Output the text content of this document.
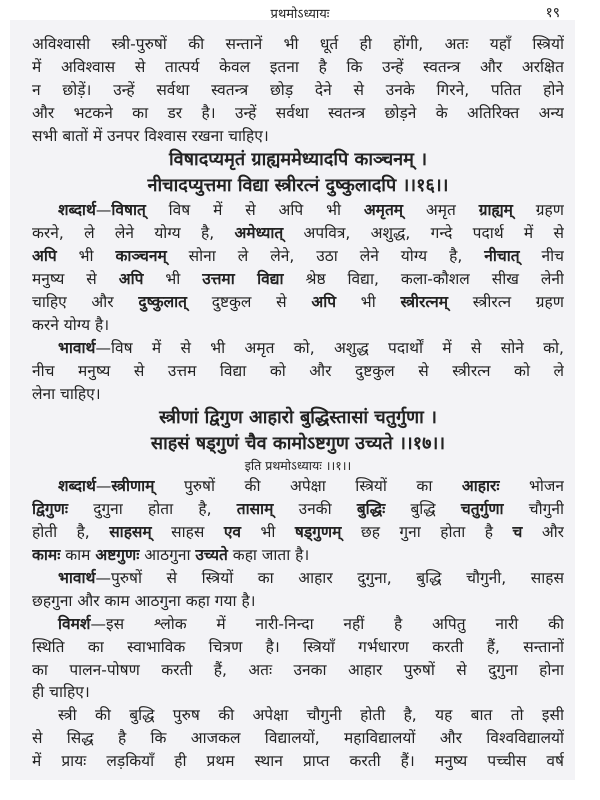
प्रथमोऽध्यायः	१९
अविश्वासी स्त्री-पुरुषों की सन्तानें भी धूर्त ही होंगी, अतः यहाँ स्त्रियों
में अविश्वास से तात्पर्य केवल इतना है कि उन्हें स्वतन्त्र और अरक्षित
न छोड़ें। उन्हें सर्वथा स्वतन्त्र छोड़ देने से उनके गिरने, पतित होने
और भटकने का डर है। उन्हें सर्वथा स्वतन्त्र छोड़ने के अतिरिक्त अन्य
सभी बातों में उनपर विश्वास रखना चाहिए।
विषादप्यमृतं ग्राह्यममेध्यादपि काञ्चनम् ।
नीचादप्युत्तमा विद्या स्त्रीरत्नं दुष्कुलादपि ।।१६।।
शब्दार्थ—विषात् विष में से अपि भी अमृतम् अमृत ग्राह्यम् ग्रहण
करने, ले लेने योग्य है, अमेध्यात् अपवित्र, अशुद्ध, गन्दे पदार्थ में से
अपि भी काञ्चनम् सोना ले लेने, उठा लेने योग्य है, नीचात् नीच
मनुष्य से अपि भी उत्तमा विद्या श्रेष्ठ विद्या, कला-कौशल सीख लेनी
चाहिए और दुष्कुलात् दुष्टकुल से अपि भी स्त्रीरत्नम् स्त्रीरत्न ग्रहण
करने योग्य है।
भावार्थ—विष में से भी अमृत को, अशुद्ध पदार्थों में से सोने को,
नीच मनुष्य से उत्तम विद्या को और दुष्टकुल से स्त्रीरत्न को ले
लेना चाहिए।
स्त्रीणां द्विगुण आहारो बुद्धिस्तासां चतुर्गुणा ।
साहसं षड्गुणं चैव कामोऽष्टगुण उच्यते ।।१७।।
इति प्रथमोऽध्यायः ।।१।।
शब्दार्थ—स्त्रीणाम् पुरुषों की अपेक्षा स्त्रियों का आहारः भोजन
द्विगुणः दुगुना होता है, तासाम् उनकी बुद्धिः बुद्धि चतुर्गुणा चौगुनी
होती है, साहसम् साहस एव भी षड्गुणम् छह गुना होता है च और
कामः काम अष्टगुणः आठगुना उच्यते कहा जाता है।
भावार्थ—पुरुषों से स्त्रियों का आहार दुगुना, बुद्धि चौगुनी, साहस
छहगुना और काम आठगुना कहा गया है।
विमर्श—इस श्लोक में नारी-निन्दा नहीं है अपितु नारी की
स्थिति का स्वाभाविक चित्रण है। स्त्रियाँ गर्भधारण करती हैं, सन्तानों
का पालन-पोषण करती हैं, अतः उनका आहार पुरुषों से दुगुना होना
ही चाहिए।
स्त्री की बुद्धि पुरुष की अपेक्षा चौगुनी होती है, यह बात तो इसी
से सिद्ध है कि आजकल विद्यालयों, महाविद्यालयों और विश्वविद्यालयों
में प्रायः लड़कियाँ ही प्रथम स्थान प्राप्त करती हैं। मनुष्य पच्चीस वर्ष
